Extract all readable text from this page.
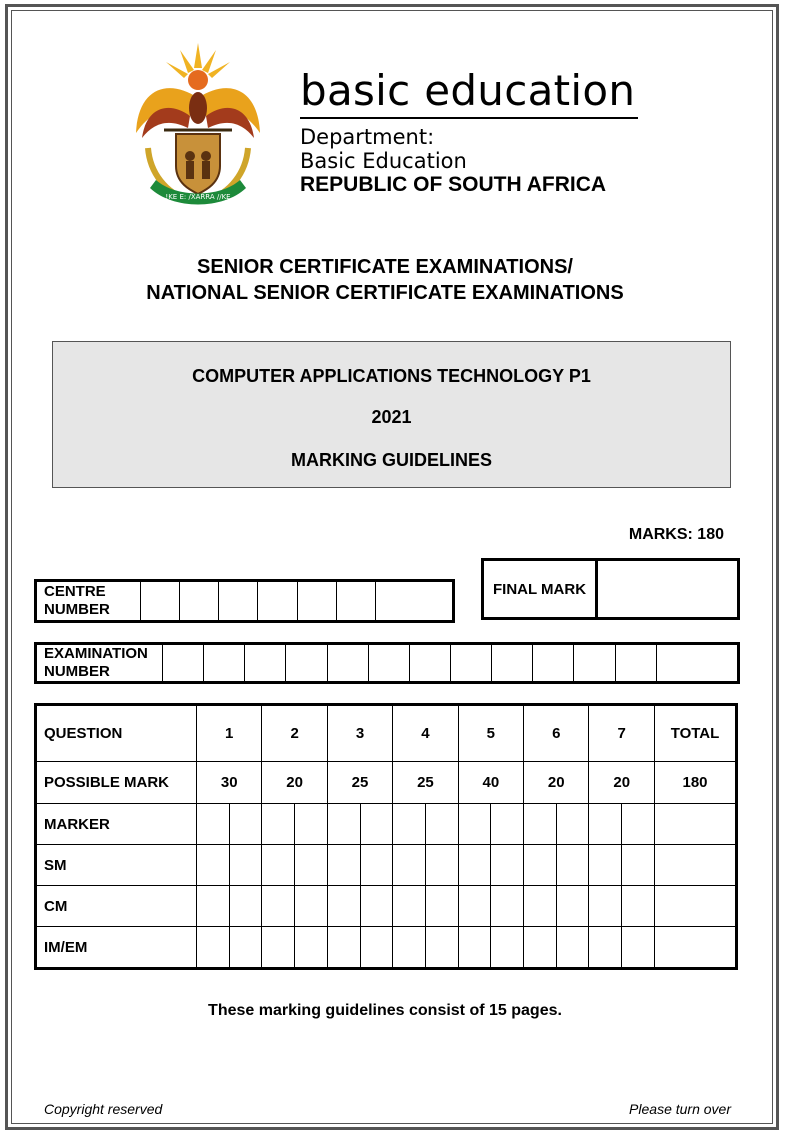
!KE E: /XARRA //KE
basic education
Department:
Basic Education
REPUBLIC OF SOUTH AFRICA
SENIOR CERTIFICATE EXAMINATIONS/
NATIONAL SENIOR CERTIFICATE EXAMINATIONS
COMPUTER APPLICATIONS TECHNOLOGY P1
2021
MARKING GUIDELINES
MARKS: 180
CENTRE NUMBER							
FINAL MARK
EXAMINATION NUMBER													
QUESTION	1		2		3		4		5		6		7		TOTAL
POSSIBLE MARK	30		20		25		25		40		20		20		180
MARKER															
SM															
CM															
IM/EM															
These marking guidelines consist of 15 pages.
Copyright reserved	Please turn over
